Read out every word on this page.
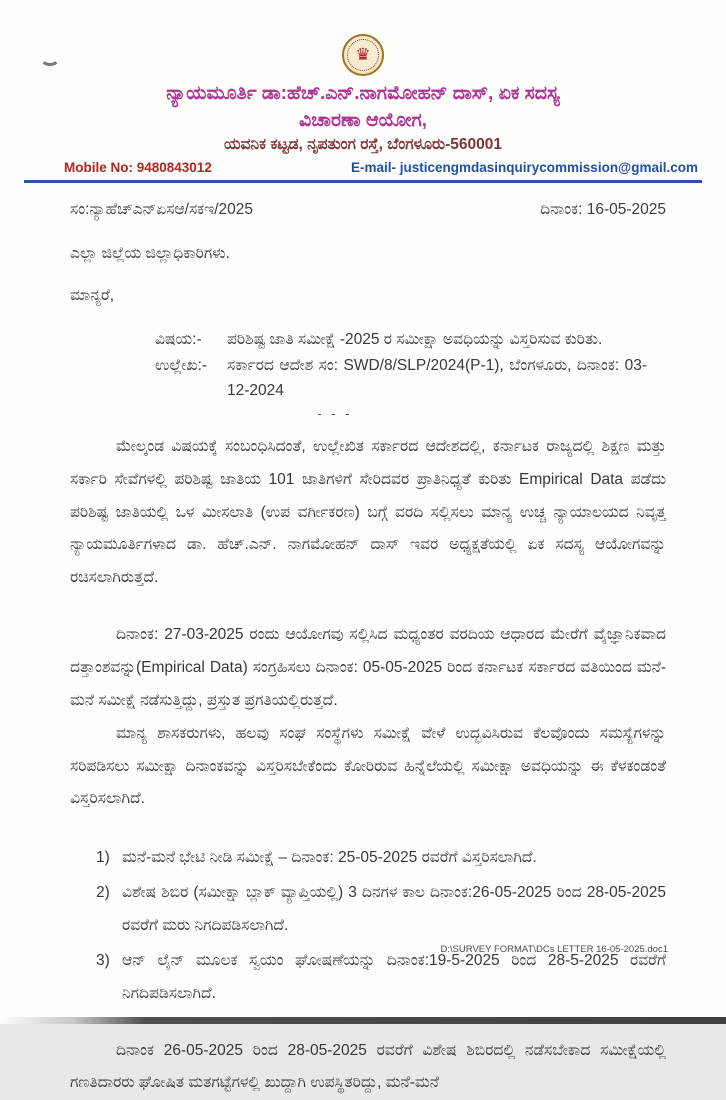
♛
ನ್ಯಾಯಮೂರ್ತಿ ಡಾ:ಹೆಚ್.ಎನ್.ನಾಗಮೋಹನ್ ದಾಸ್, ಏಕ ಸದಸ್ಯ
ವಿಚಾರಣಾ ಆಯೋಗ,
ಯವನಿಕ ಕಟ್ಟಡ, ನೃಪತುಂಗ ರಸ್ತೆ, ಬೆಂಗಳೂರು-560001
Mobile No: 9480843012	E-mail- justicengmdasinquirycommission@gmail.com
ಸಂ:ನ್ಯಾಹೆಚ್‌ಎನ್‌ಏಸಆ/ಸಕಇ/2025	ದಿನಾಂಕ: 16-05-2025
ಎಲ್ಲಾ ಜಿಲ್ಲೆಯ ಜಿಲ್ಲಾಧಿಕಾರಿಗಳು.
ಮಾನ್ಯರೆ,
ವಿಷಯ:-	ಪರಿಶಿಷ್ಟ ಜಾತಿ ಸಮೀಕ್ಷೆ -2025 ರ ಸಮೀಕ್ಷಾ ಅವಧಿಯನ್ನು ವಿಸ್ತರಿಸುವ ಕುರಿತು.
ಉಲ್ಲೇಖ:-	ಸರ್ಕಾರದ ಆದೇಶ ಸಂ: SWD/8/SLP/2024(P-1), ಬೆಂಗಳೂರು, ದಿನಾಂಕ: 03-12-2024
- - -

ಮೇಲ್ಕಂಡ ವಿಷಯಕ್ಕೆ ಸಂಬಂಧಿಸಿದಂತೆ, ಉಲ್ಲೇಖಿತ ಸರ್ಕಾರದ ಆದೇಶದಲ್ಲಿ, ಕರ್ನಾಟಕ ರಾಜ್ಯದಲ್ಲಿ ಶಿಕ್ಷಣ ಮತ್ತು ಸರ್ಕಾರಿ ಸೇವೆಗಳಲ್ಲಿ ಪರಿಶಿಷ್ಟ ಜಾತಿಯ 101 ಜಾತಿಗಳಿಗೆ ಸೇರಿದವರ ಪ್ರಾತಿನಿಧ್ಯತೆ ಕುರಿತು Empirical Data ಪಡೆದು ಪರಿಶಿಷ್ಟ ಜಾತಿಯಲ್ಲಿ ಒಳ ಮೀಸಲಾತಿ (ಉಪ ವರ್ಗೀಕರಣ) ಬಗ್ಗೆ ವರದಿ ಸಲ್ಲಿಸಲು ಮಾನ್ಯ ಉಚ್ಚ ನ್ಯಾಯಾಲಯದ ನಿವೃತ್ತ ನ್ಯಾಯಮೂರ್ತಿಗಳಾದ ಡಾ. ಹೆಚ್.ಎನ್. ನಾಗಮೋಹನ್ ದಾಸ್ ಇವರ ಅಧ್ಯಕ್ಷತೆಯಲ್ಲಿ ಏಕ ಸದಸ್ಯ ಆಯೋಗವನ್ನು ರಚಿಸಲಾಗಿರುತ್ತದೆ.

ದಿನಾಂಕ: 27-03-2025 ರಂದು ಆಯೋಗವು ಸಲ್ಲಿಸಿದ ಮಧ್ಯಂತರ ವರದಿಯ ಆಧಾರದ ಮೇರೆಗೆ ವೈಜ್ಞಾನಿಕವಾದ ದತ್ತಾಂಶವನ್ನು(Empirical Data) ಸಂಗ್ರಹಿಸಲು ದಿನಾಂಕ: 05-05-2025 ರಿಂದ ಕರ್ನಾಟಕ ಸರ್ಕಾರದ ವತಿಯಿಂದ ಮನೆ-ಮನೆ ಸಮೀಕ್ಷೆ ನಡೆಸುತ್ತಿದ್ದು, ಪ್ರಸ್ತುತ ಪ್ರಗತಿಯಲ್ಲಿರುತ್ತದೆ.

ಮಾನ್ಯ ಶಾಸಕರುಗಳು, ಹಲವು ಸಂಘ ಸಂಸ್ಥೆಗಳು ಸಮೀಕ್ಷೆ ವೇಳೆ ಉದ್ಭವಿಸಿರುವ ಕೆಲವೊಂದು ಸಮಸ್ಯೆಗಳನ್ನು ಸರಿಪಡಿಸಲು ಸಮೀಕ್ಷಾ ದಿನಾಂಕವನ್ನು ವಿಸ್ತರಿಸಬೇಕೆಂದು ಕೋರಿರುವ ಹಿನ್ನೆಲೆಯಲ್ಲಿ ಸಮೀಕ್ಷಾ ಅವಧಿಯನ್ನು ಈ ಕೆಳಕಂಡಂತೆ ವಿಸ್ತರಿಸಲಾಗಿದೆ.

1) ಮನೆ-ಮನೆ ಭೇಟಿ ನೀಡಿ ಸಮೀಕ್ಷೆ – ದಿನಾಂಕ: 25-05-2025 ರವರೆಗೆ ವಿಸ್ತರಿಸಲಾಗಿದೆ.
2) ವಿಶೇಷ ಶಿಬಿರ (ಸಮೀಕ್ಷಾ ಬ್ಲಾಕ್ ವ್ಯಾಪ್ತಿಯಲ್ಲಿ) 3 ದಿನಗಳ ಕಾಲ ದಿನಾಂಕ:26-05-2025 ರಿಂದ 28-05-2025 ರವರೆಗೆ ಮರು ನಿಗದಿಪಡಿಸಲಾಗಿದೆ.
3) ಆನ್ ಲೈನ್ ಮೂಲಕ ಸ್ವಯಂ ಘೋಷಣೆಯನ್ನು ದಿನಾಂಕ:19-5-2025 ರಿಂದ 28-5-2025 ರವರೆಗೆ ನಿಗದಿಪಡಿಸಲಾಗಿದೆ.

ದಿನಾಂಕ 26-05-2025 ರಿಂದ 28-05-2025 ರವರೆಗೆ ವಿಶೇಷ ಶಿಬಿರದಲ್ಲಿ ನಡೆಸಬೇಕಾದ ಸಮೀಕ್ಷೆಯಲ್ಲಿ ಗಣತಿದಾರರು ಘೋಷಿತ ಮತಗಟ್ಟೆಗಳಲ್ಲಿ ಖುದ್ದಾಗಿ ಉಪಸ್ಥಿತರಿದ್ದು, ಮನೆ-ಮನೆ

D:\SURVEY FORMAT\DCs LETTER 16-05-2025.doc1
